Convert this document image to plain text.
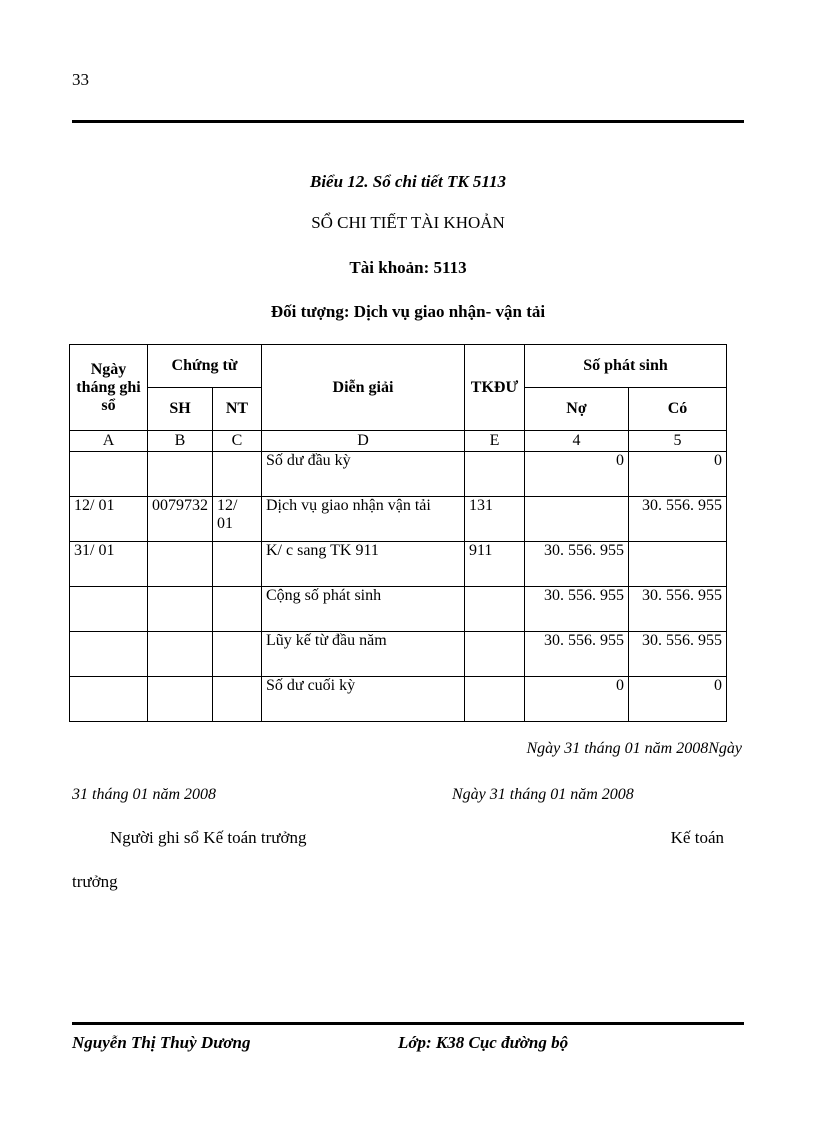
33
Biểu 12. Sổ chi tiết TK 5113
SỔ CHI TIẾT TÀI KHOẢN
Tài khoản: 5113
Đối tượng: Dịch vụ giao nhận- vận tải
Ngày tháng ghi sổ	Chứng từ		Diễn giải	TKĐƯ	Số phát sinh	
	SH	NT			Nợ	Có
A	B	C	D	E	4	5
			Số dư đầu kỳ		0	0
12/ 01	0079732	12/ 01	Dịch vụ giao nhận vận tải	131		30. 556. 955
31/ 01			K/ c sang TK 911	911	30. 556. 955	
			Cộng số phát sinh		30. 556. 955	30. 556. 955
			Lũy kế từ đầu năm		30. 556. 955	30. 556. 955
			Số dư cuối kỳ		0	0
Ngày 31 tháng 01 năm 2008Ngày
31 tháng 01 năm 2008	Ngày 31 tháng 01 năm 2008
Người ghi sổ Kế toán trưởng	Kế toán
trưởng
Nguyễn Thị Thuỳ Dương	Lớp: K38 Cục đường bộ
